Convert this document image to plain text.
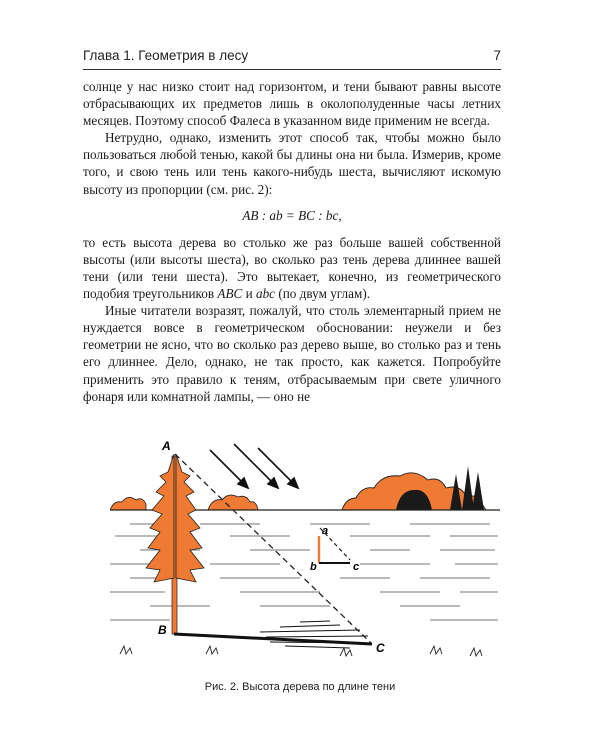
Глава 1. Геометрия в лесу	7

солнце у нас низко стоит над горизонтом, и тени бывают равны высоте отбрасывающих их предметов лишь в околополуденные часы летних месяцев. Поэтому способ Фалеса в указанном виде применим не всегда.

Нетрудно, однако, изменить этот способ так, чтобы можно было пользоваться любой тенью, какой бы длины она ни была. Измерив, кроме того, и свою тень или тень какого-нибудь шеста, вычисляют искомую высоту из пропорции (см. рис. 2):

AB : ab = BC : bc,

то есть высота дерева во столько же раз больше вашей собственной высоты (или высоты шеста), во сколько раз тень дерева длиннее вашей тени (или тени шеста). Это вытекает, конечно, из геометрического подобия треугольников ABC и abc (по двум углам).

Иные читатели возразят, пожалуй, что столь элементарный прием не нуждается вовсе в геометрическом обосновании: неужели и без геометрии не ясно, что во сколько раз дерево выше, во столько раз и тень его длиннее. Дело, однако, не так просто, как кажется. Попробуйте применить это правило к теням, отбрасываемым при свете уличного фонаря или комнатной лампы, — оно не

A
B
C
a
b	c
Рис. 2. Высота дерева по длине тени
